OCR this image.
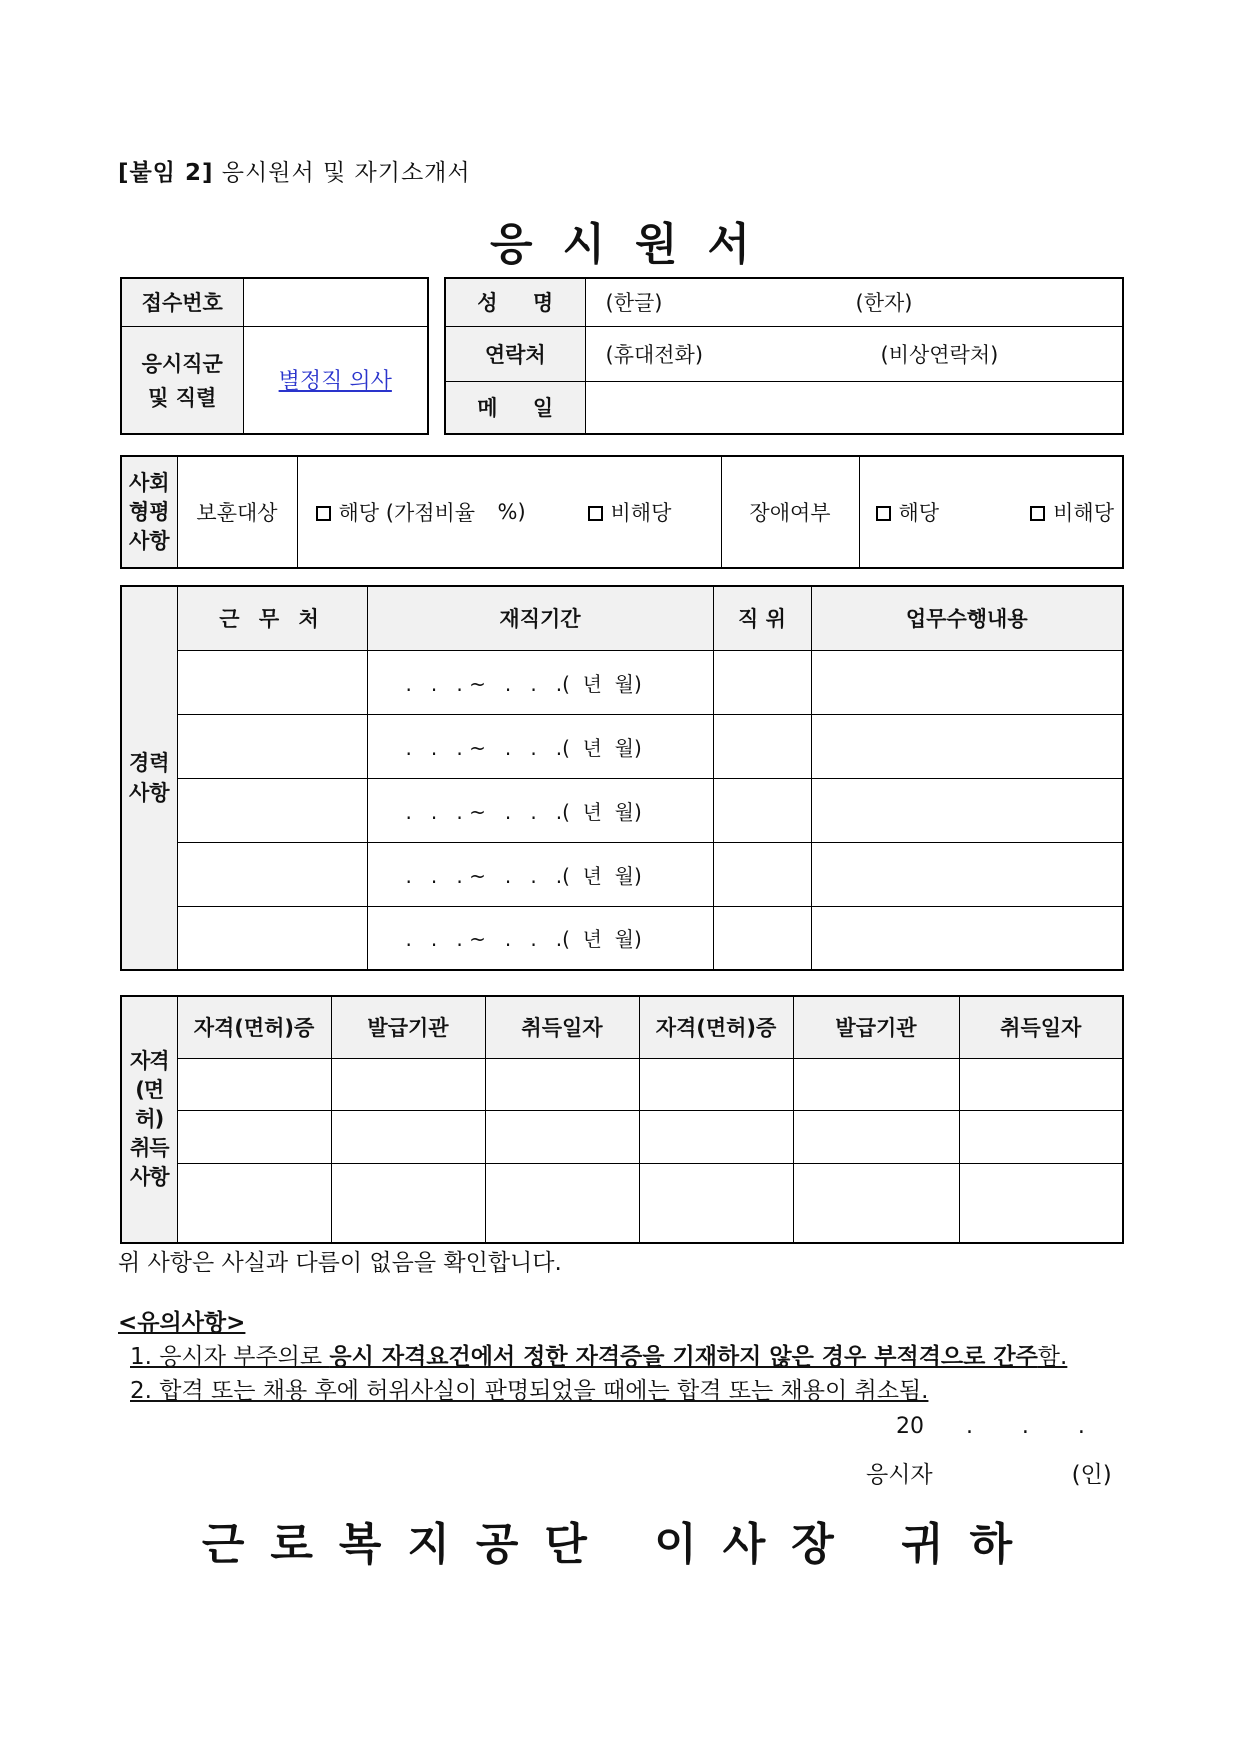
[붙임 2] 응시원서 및 자기소개서
응시원서
접수번호	

응시직군
및 직렬	별정직 의사
성 명	(한글) (한자)

연락처	(휴대전화) (비상연락처)

메 일	
사회
형평
사항
	보훈대상	해당 (가점비율 %)	비해당	장애여부	해당	비해당
경력
사항	근 무 처	재직기간	직 위	업무수행내용
		.   .   . ~   .   .   .(  년  월)		
		.   .   . ~   .   .   .(  년  월)		
		.   .   . ~   .   .   .(  년  월)		
		.   .   . ~   .   .   .(  년  월)		
		.   .   . ~   .   .   .(  년  월)		
자격
(면허)
취득
사항	자격(면허)증	발급기관	취득일자	자격(면허)증	발급기관	취득일자

위 사항은 사실과 다름이 없음을 확인합니다.
<유의사항>
1. 응시자 부주의로 응시 자격요건에서 정한 자격증을 기재하지 않은 경우 부적격으로 간주함.
2. 합격 또는 채용 후에 허위사실이 판명되었을 때에는 합격 또는 채용이 취소됨.
20      .       .       .
응시자                   (인)
근로복지공단 이사장 귀하
